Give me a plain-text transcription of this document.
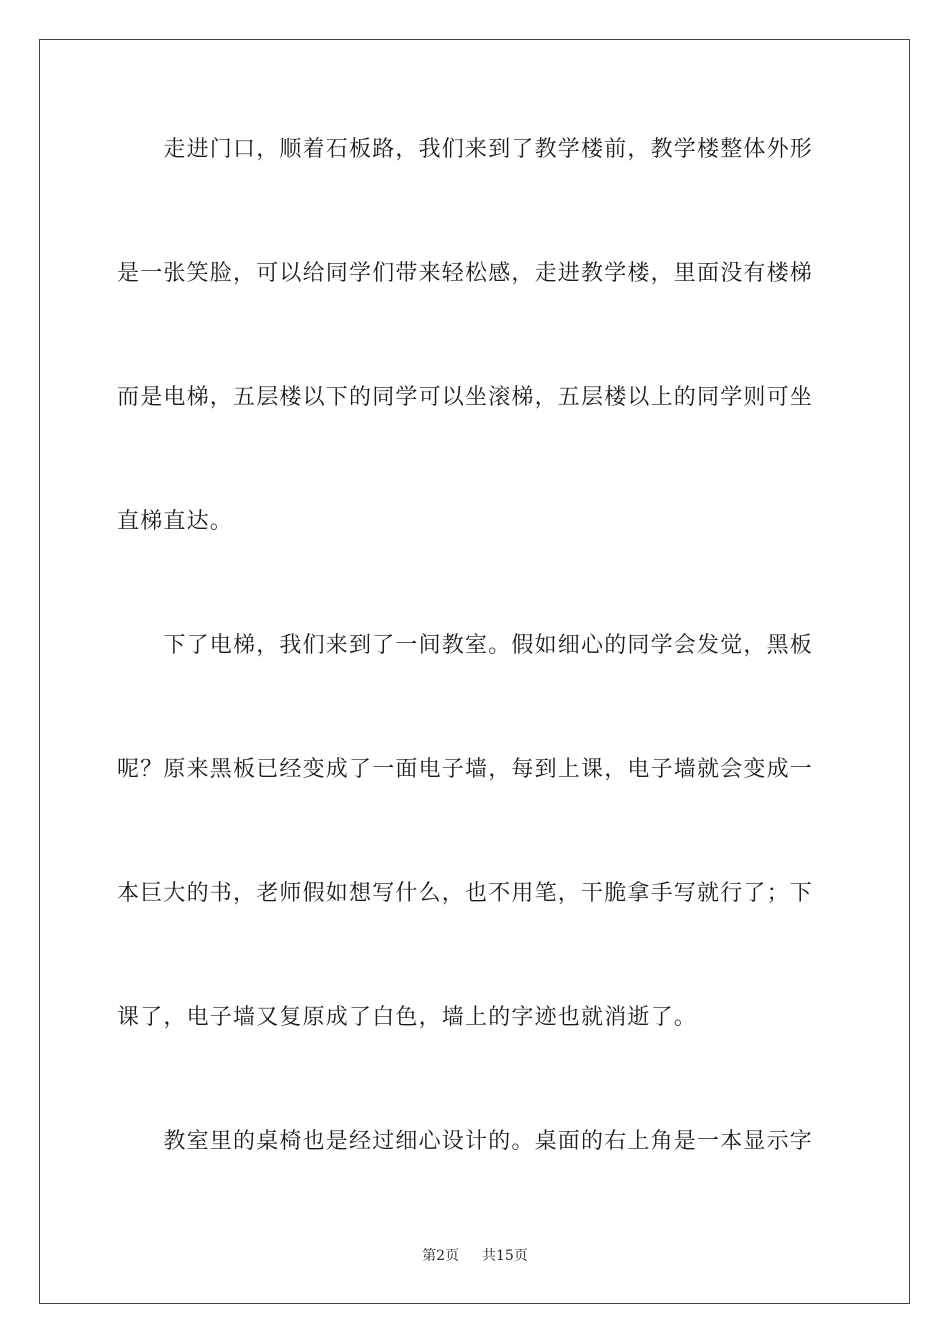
　　走进门口，顺着石板路，我们来到了教学楼前，教学楼整体外形
是一张笑脸，可以给同学们带来轻松感，走进教学楼，里面没有楼梯
而是电梯，五层楼以下的同学可以坐滚梯，五层楼以上的同学则可坐
直梯直达。
　　下了电梯，我们来到了一间教室。假如细心的同学会发觉，黑板
呢？原来黑板已经变成了一面电子墙，每到上课，电子墙就会变成一
本巨大的书，老师假如想写什么，也不用笔，干脆拿手写就行了；下
课了，电子墙又复原成了白色，墙上的字迹也就消逝了。
　　教室里的桌椅也是经过细心设计的。桌面的右上角是一本显示字
第2页 共15页
